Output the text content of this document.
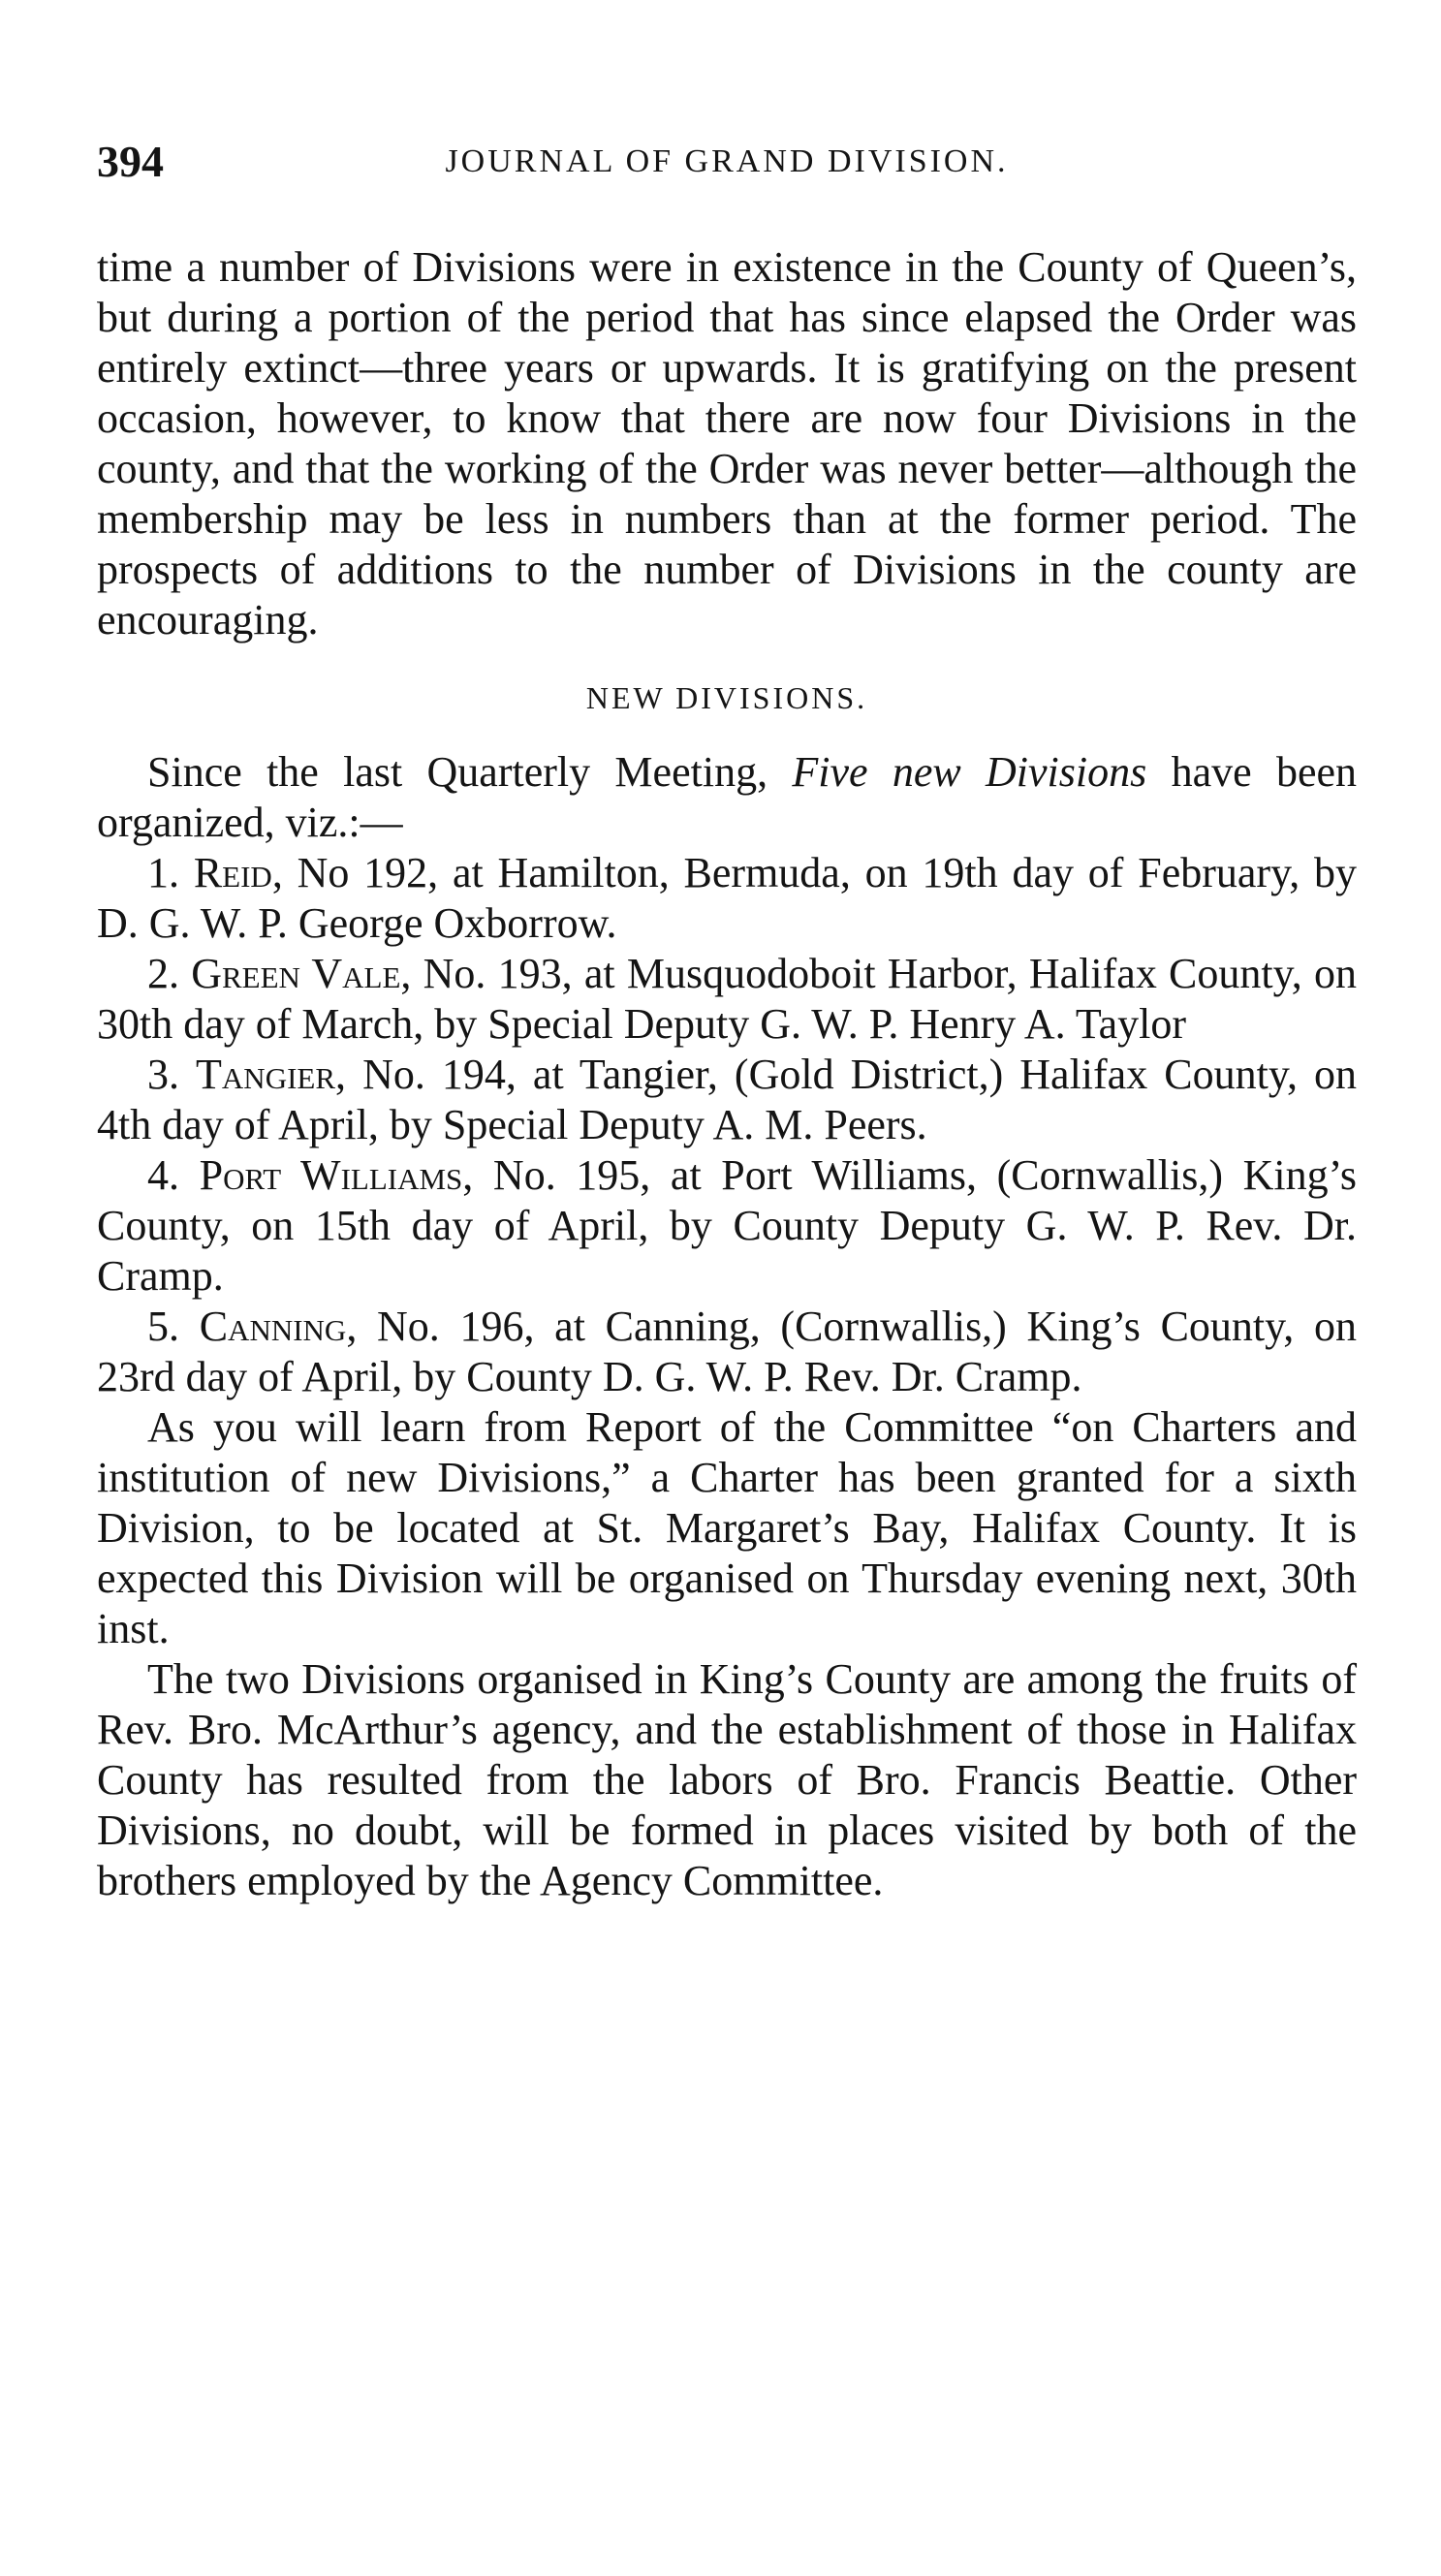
394	JOURNAL OF GRAND DIVISION.

time a number of Divisions were in existence in the County of Queen’s, but during a portion of the period that has since elapsed the Order was entirely extinct—three years or upwards. It is gratifying on the present occasion, however, to know that there are now four Divisions in the county, and that the working of the Order was never better—although the membership may be less in numbers than at the former period. The prospects of additions to the number of Divisions in the county are encouraging.

NEW DIVISIONS.

Since the last Quarterly Meeting, Five new Divisions have been organized, viz.:—

1. Reid, No 192, at Hamilton, Bermuda, on 19th day of February, by D. G. W. P. George Oxborrow.

2. Green Vale, No. 193, at Musquodoboit Harbor, Halifax County, on 30th day of March, by Special Deputy G. W. P. Henry A. Taylor

3. Tangier, No. 194, at Tangier, (Gold District,) Halifax County, on 4th day of April, by Special Deputy A. M. Peers.

4. Port Williams, No. 195, at Port Williams, (Cornwallis,) King’s County, on 15th day of April, by County Deputy G. W. P. Rev. Dr. Cramp.

5. Canning, No. 196, at Canning, (Cornwallis,) King’s County, on 23rd day of April, by County D. G. W. P. Rev. Dr. Cramp.

As you will learn from Report of the Committee “on Charters and institution of new Divisions,” a Charter has been granted for a sixth Division, to be located at St. Margaret’s Bay, Halifax County. It is expected this Division will be organised on Thursday evening next, 30th inst.

The two Divisions organised in King’s County are among the fruits of Rev. Bro. McArthur’s agency, and the establishment of those in Halifax County has resulted from the labors of Bro. Francis Beattie. Other Divisions, no doubt, will be formed in places visited by both of the brothers employed by the Agency Committee.
